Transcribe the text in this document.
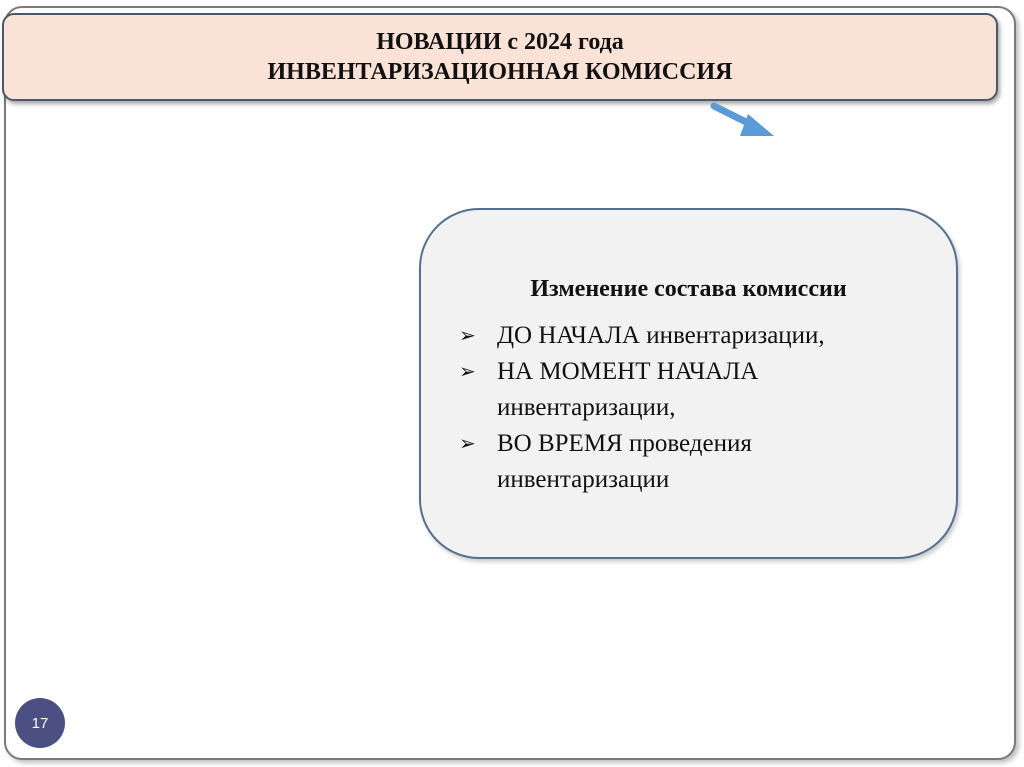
НОВАЦИИ с 2024 года
ИНВЕНТАРИЗАЦИОННАЯ КОМИССИЯ
Изменение состава комиссии
➢ ДО НАЧАЛА инвентаризации,
➢ НА МОМЕНТ НАЧАЛА
инвентаризации,
➢ ВО ВРЕМЯ проведения
инвентаризации
17
